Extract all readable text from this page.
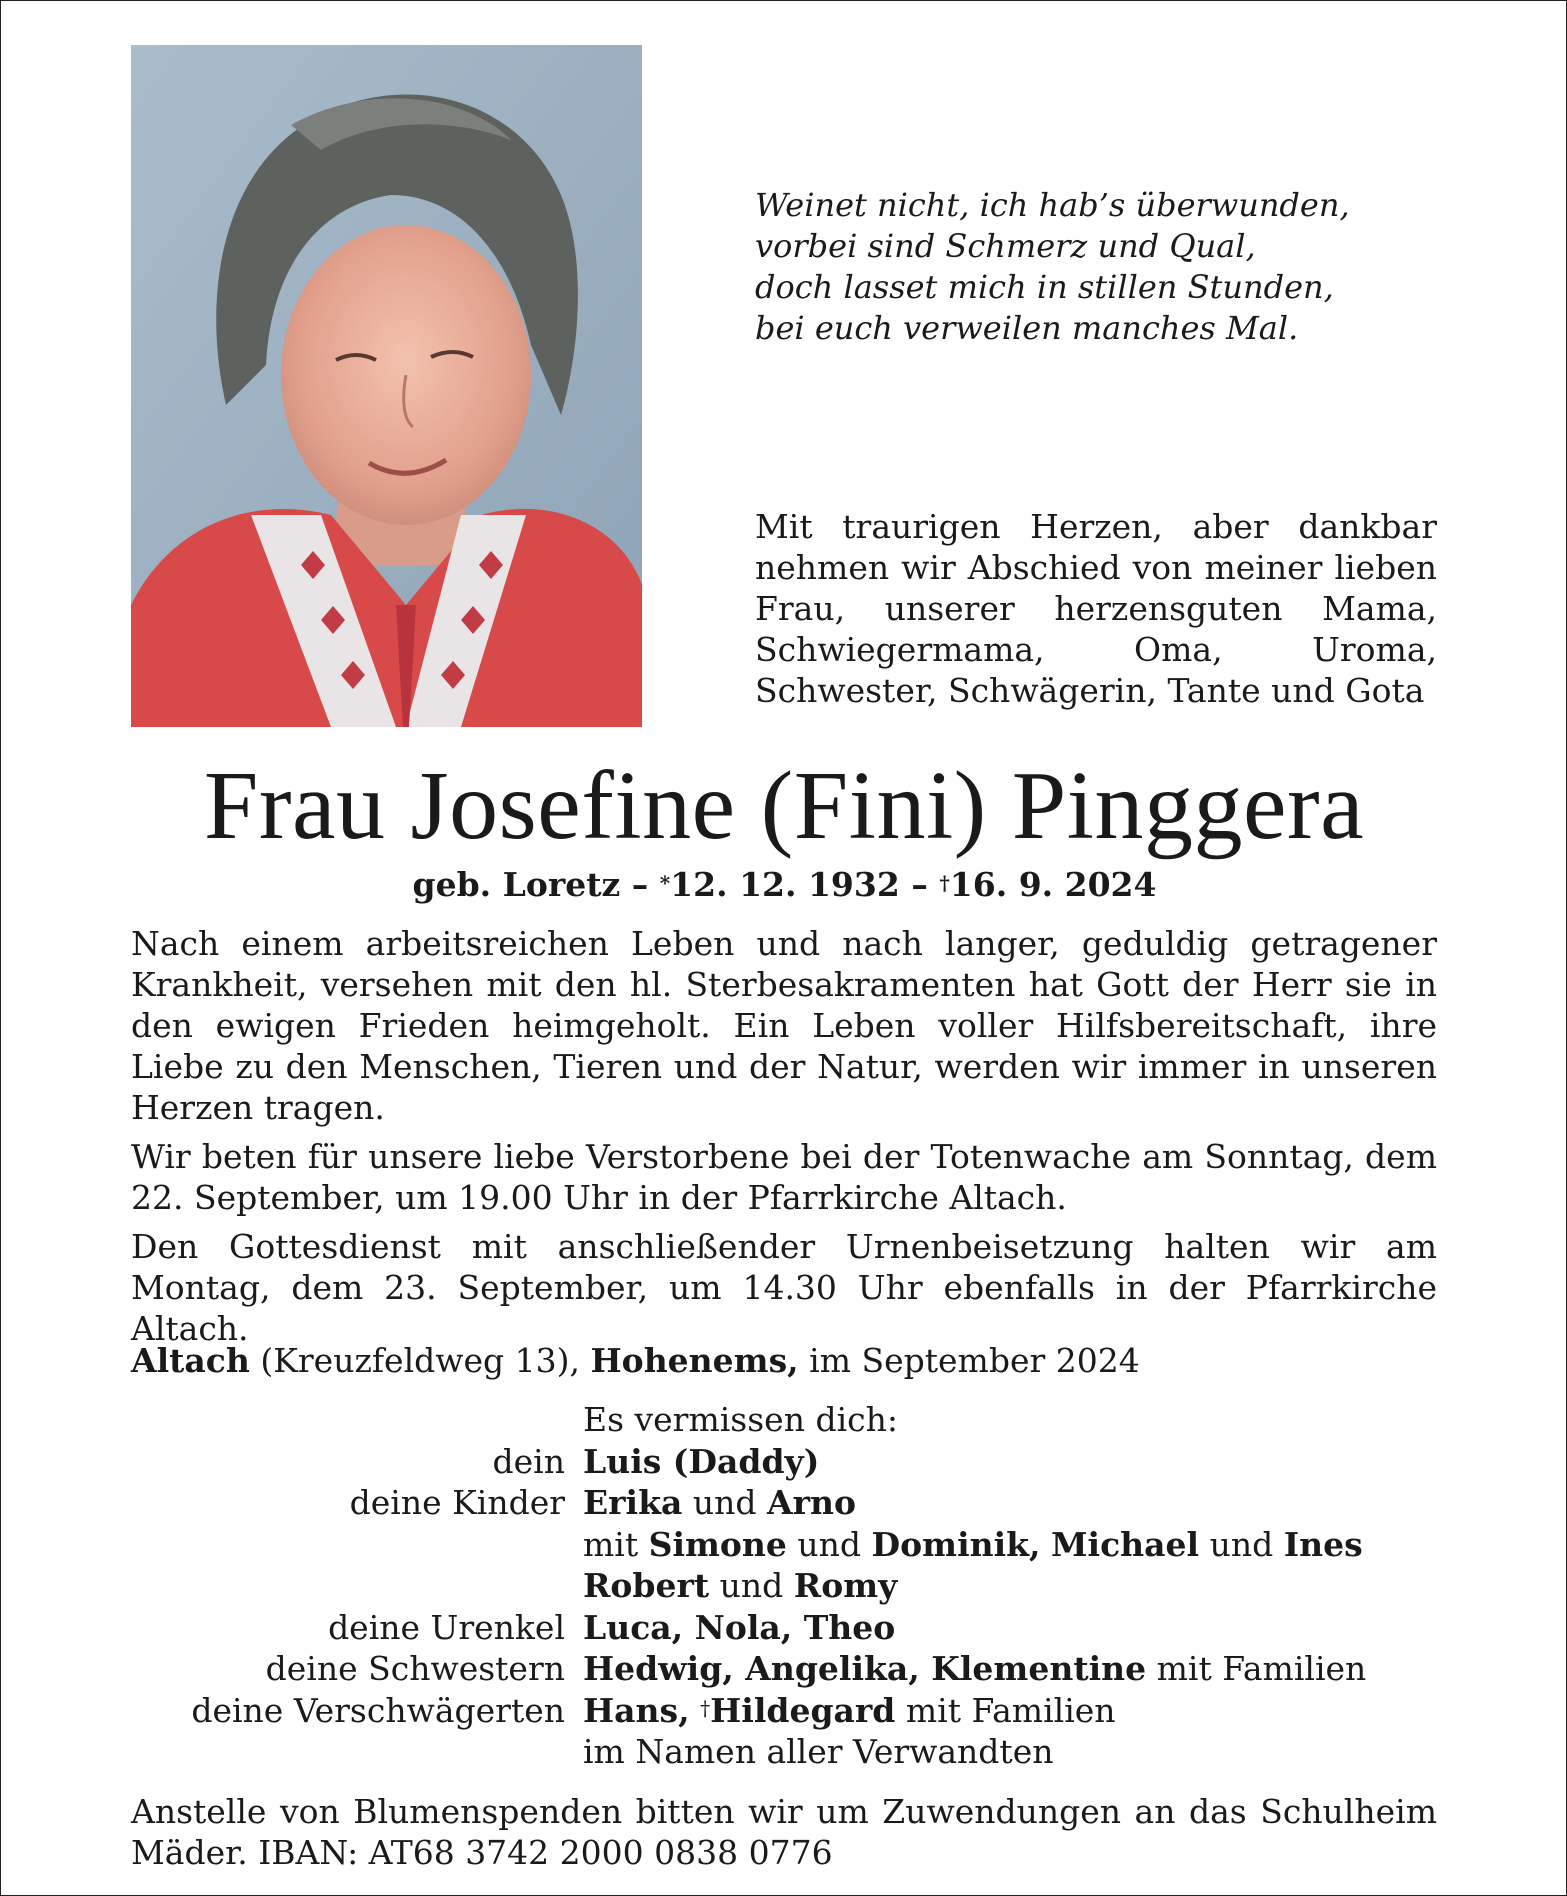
Weinet nicht, ich hab’s überwunden,
vorbei sind Schmerz und Qual,
doch lasset mich in stillen Stunden,
bei euch verweilen manches Mal.
Mit traurigen Herzen, aber dankbar nehmen wir Abschied von meiner lieben Frau, unserer herzensguten Mama, Schwiegermama, Oma, Uroma, Schwester, Schwägerin, Tante und Gota
Frau Josefine (Fini) Pinggera
geb. Loretz – *12. 12. 1932 – †16. 9. 2024

Nach einem arbeitsreichen Leben und nach langer, geduldig getragener Krankheit, versehen mit den hl. Sterbesakramenten hat Gott der Herr sie in den ewigen Frieden heimgeholt. Ein Leben voller Hilfsbereitschaft, ihre Liebe zu den Menschen, Tieren und der Natur, werden wir immer in unseren Herzen tragen.

Wir beten für unsere liebe Verstorbene bei der Totenwache am Sonntag, dem 22. September, um 19.00 Uhr in der Pfarrkirche Altach.

Den Gottesdienst mit anschließender Urnenbeisetzung halten wir am Montag, dem 23. September, um 14.30 Uhr ebenfalls in der Pfarrkirche Altach.

Altach (Kreuzfeldweg 13), Hohenems, im September 2024
Es vermissen dich:
dein Luis (Daddy)
deine Kinder Erika und Arno
mit Simone und Dominik, Michael und Ines
Robert und Romy
deine Urenkel Luca, Nola, Theo
deine Schwestern Hedwig, Angelika, Klementine mit Familien
deine Verschwägerten Hans, †Hildegard mit Familien
im Namen aller Verwandten
Anstelle von Blumenspenden bitten wir um Zuwendungen an das Schulheim Mäder. IBAN: AT68 3742 2000 0838 0776
